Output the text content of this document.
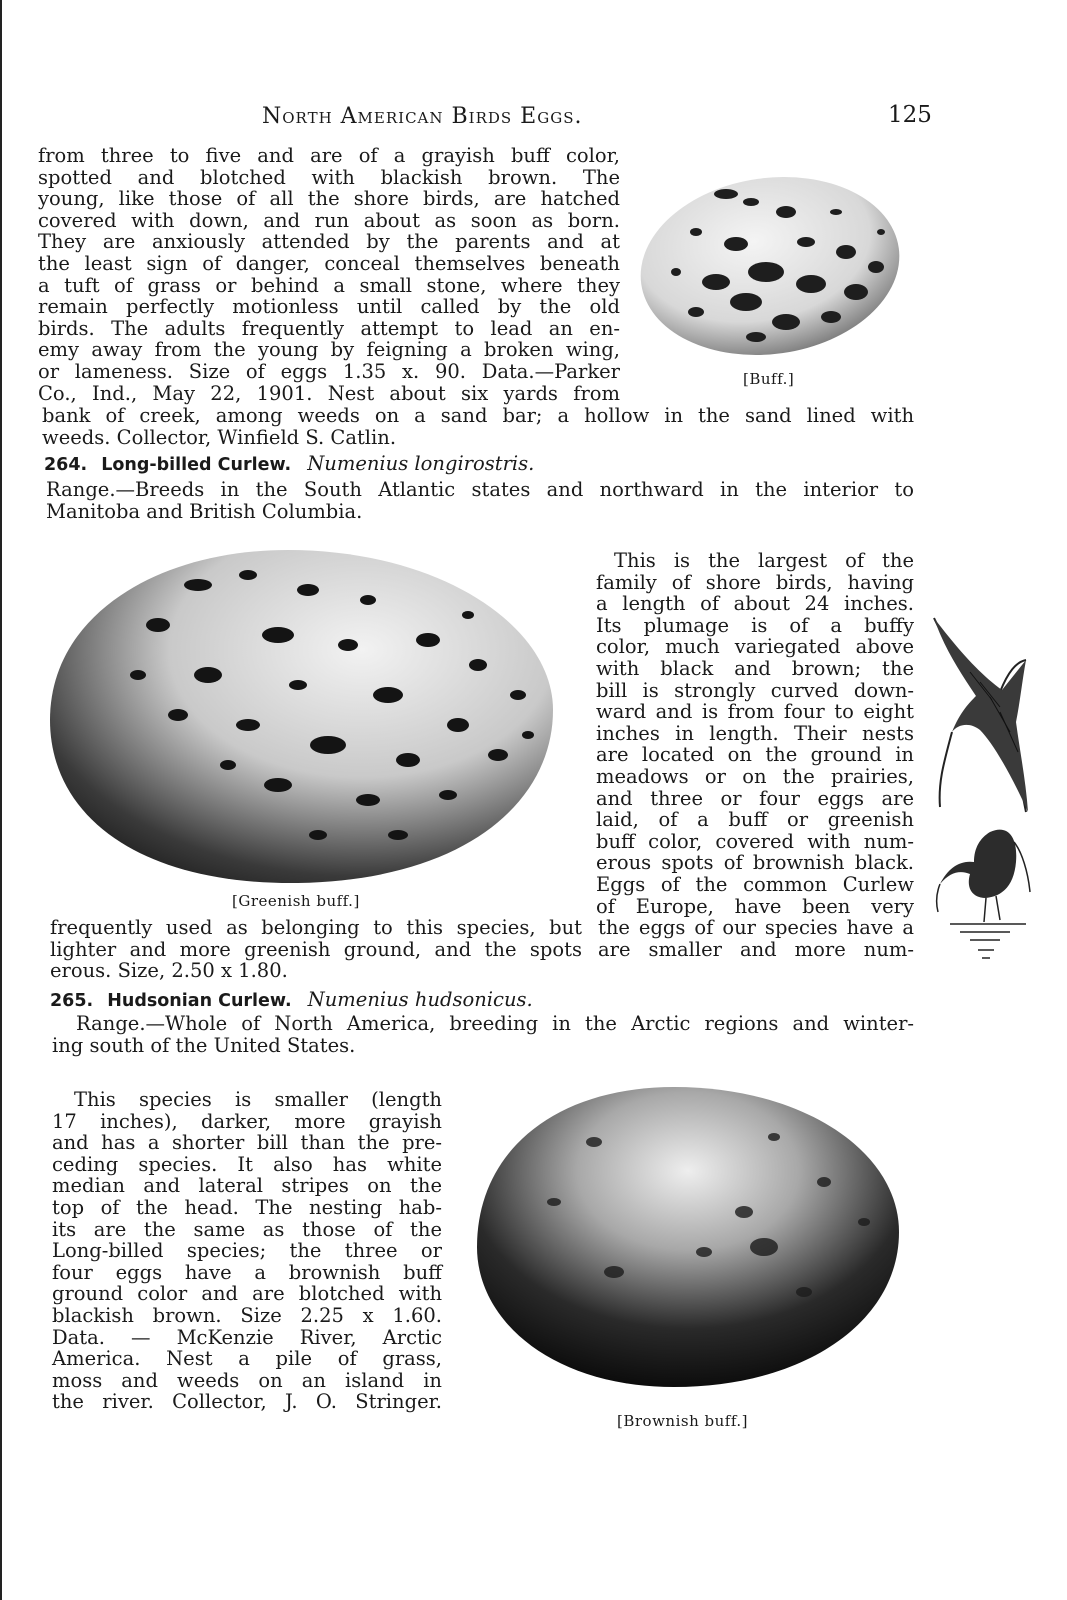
North American Birds Eggs.	125
from three to five and are of a grayish buff color,
spotted and blotched with blackish brown. The
young, like those of all the shore birds, are hatched
covered with down, and run about as soon as born.
They are anxiously attended by the parents and at
the least sign of danger, conceal themselves beneath
a tuft of grass or behind a small stone, where they
remain perfectly motionless until called by the old
birds. The adults frequently attempt to lead an en-
emy away from the young by feigning a broken wing,
or lameness. Size of eggs 1.35 x. 90. Data.—Parker
Co., Ind., May 22, 1901. Nest about six yards from
bank of creek, among weeds on a sand bar; a hollow in the sand lined with
weeds. Collector, Winfield S. Catlin.
[Buff.]
264. Long-billed Curlew. Numenius longirostris.
Range.—Breeds in the South Atlantic states and northward in the interior to
Manitoba and British Columbia.
[Greenish buff.]
This is the largest of the
family of shore birds, having
a length of about 24 inches.
Its plumage is of a buffy
color, much variegated above
with black and brown; the
bill is strongly curved down-
ward and is from four to eight
inches in length. Their nests
are located on the ground in
meadows or on the prairies,
and three or four eggs are
laid, of a buff or greenish
buff color, covered with num-
erous spots of brownish black.
Eggs of the common Curlew
of Europe, have been very
frequently used as belonging to this species, but
lighter and more greenish ground, and the spots
erous. Size, 2.50 x 1.80.
the eggs of our species have a
are smaller and more num-
265. Hudsonian Curlew. Numenius hudsonicus.
Range.—Whole of North America, breeding in the Arctic regions and winter-
ing south of the United States.
This species is smaller (length
17 inches), darker, more grayish
and has a shorter bill than the pre-
ceding species. It also has white
median and lateral stripes on the
top of the head. The nesting hab-
its are the same as those of the
Long-billed species; the three or
four eggs have a brownish buff
ground color and are blotched with
blackish brown. Size 2.25 x 1.60.
Data. — McKenzie River, Arctic
America. Nest a pile of grass,
moss and weeds on an island in
the river. Collector, J. O. Stringer.
[Brownish buff.]
